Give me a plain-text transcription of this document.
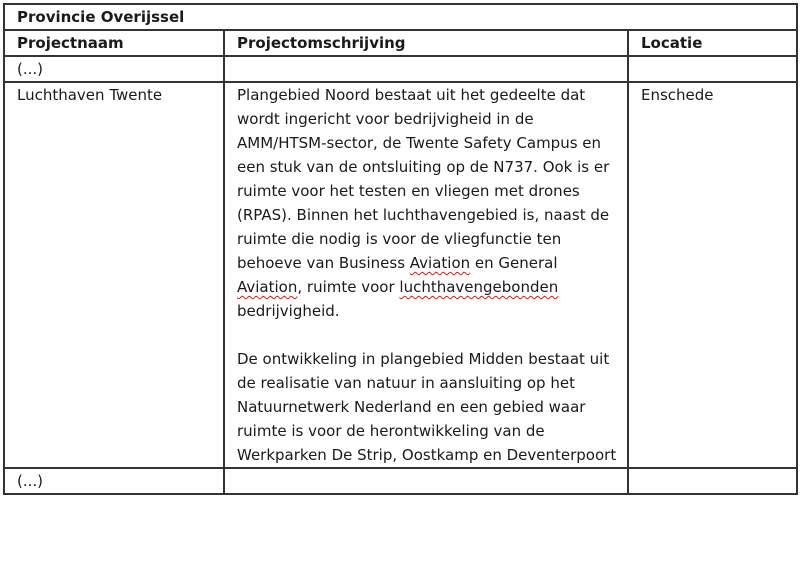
Provincie Overijssel		
Projectnaam	Projectomschrijving	Locatie
(...)		
Luchthaven Twente	Plangebied Noord bestaat uit het gedeelte dat wordt ingericht voor bedrijvigheid in de AMM/HTSM-sector, de Twente Safety Campus en een stuk van de ontsluiting op de N737. Ook is er ruimte voor het testen en vliegen met drones (RPAS). Binnen het luchthavengebied is, naast de ruimte die nodig is voor de vliegfunctie ten behoeve van Business Aviation en General Aviation, ruimte voor luchthavengebonden bedrijvigheid.

De ontwikkeling in plangebied Midden bestaat uit de realisatie van natuur in aansluiting op het Natuurnetwerk Nederland en een gebied waar ruimte is voor de herontwikkeling van de Werkparken De Strip, Oostkamp en Deventerpoort	Enschede
(...)		
